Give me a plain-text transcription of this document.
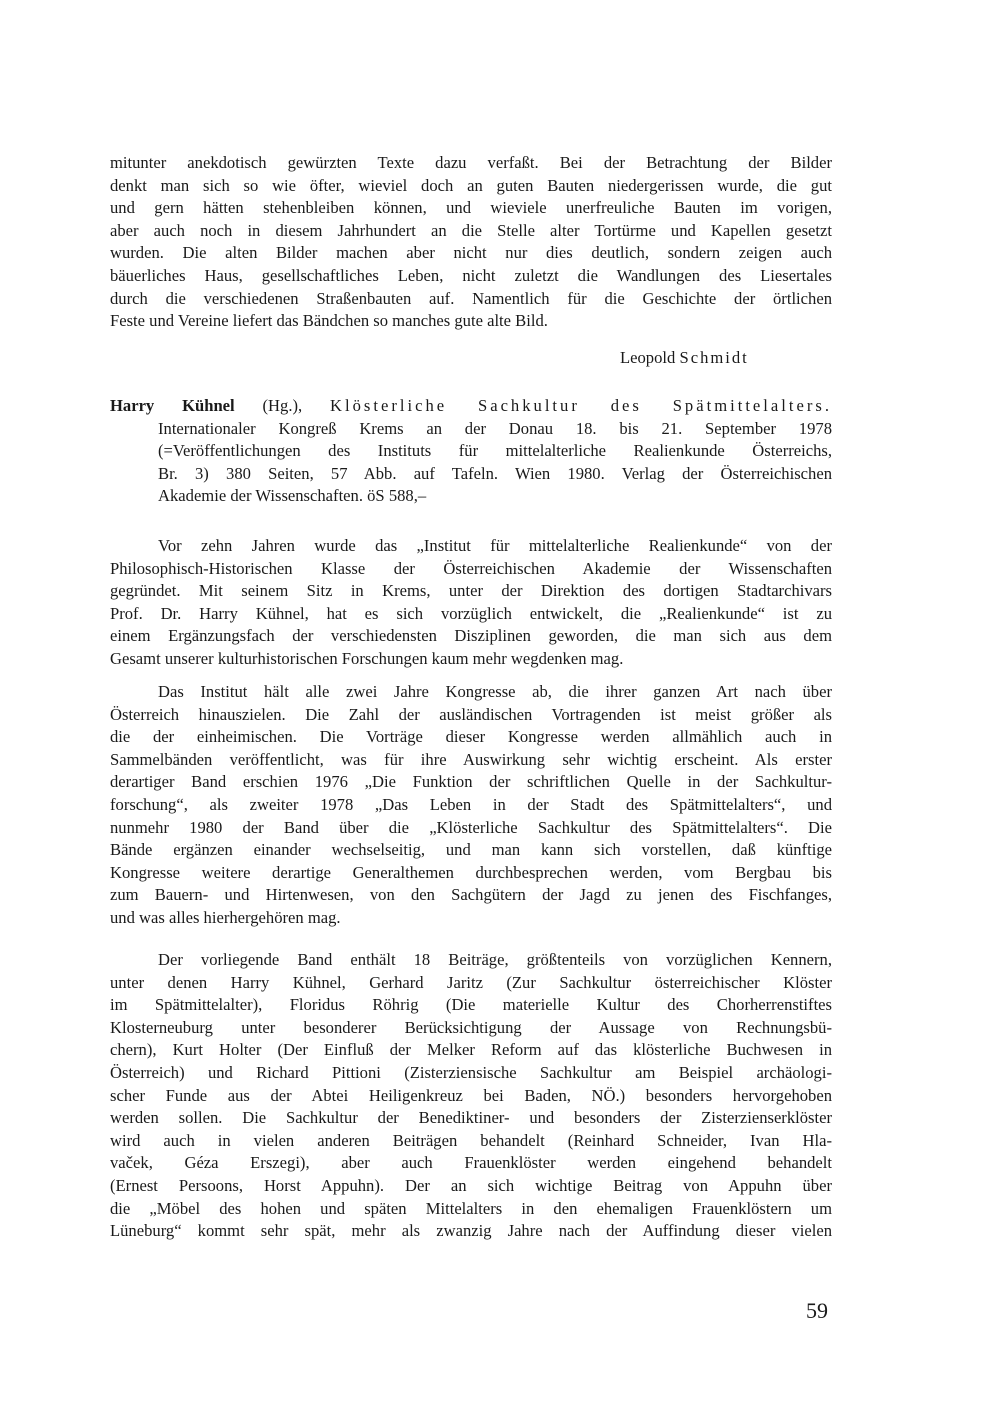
mitunter anekdotisch gewürzten Texte dazu verfaßt. Bei der Betrachtung der Bilder
denkt man sich so wie öfter, wieviel doch an guten Bauten niedergerissen wurde, die gut
und gern hätten stehenbleiben können, und wieviele unerfreuliche Bauten im vorigen,
aber auch noch in diesem Jahrhundert an die Stelle alter Tortürme und Kapellen gesetzt
wurden. Die alten Bilder machen aber nicht nur dies deutlich, sondern zeigen auch
bäuerliches Haus, gesellschaftliches Leben, nicht zuletzt die Wandlungen des Liesertales
durch die verschiedenen Straßenbauten auf. Namentlich für die Geschichte der örtlichen
Feste und Vereine liefert das Bändchen so manches gute alte Bild.
Leopold Schmidt
Harry Kühnel (Hg.), Klösterliche Sachkultur des Spätmittelalters.
Internationaler Kongreß Krems an der Donau 18. bis 21. September 1978
(=Veröffentlichungen des Instituts für mittelalterliche Realienkunde Österreichs,
Br. 3) 380 Seiten, 57 Abb. auf Tafeln. Wien 1980. Verlag der Österreichischen
Akademie der Wissenschaften. öS 588,–
Vor zehn Jahren wurde das „Institut für mittelalterliche Realienkunde“ von der
Philosophisch-Historischen Klasse der Österreichischen Akademie der Wissenschaften
gegründet. Mit seinem Sitz in Krems, unter der Direktion des dortigen Stadtarchivars
Prof. Dr. Harry Kühnel, hat es sich vorzüglich entwickelt, die „Realienkunde“ ist zu
einem Ergänzungsfach der verschiedensten Disziplinen geworden, die man sich aus dem
Gesamt unserer kulturhistorischen Forschungen kaum mehr wegdenken mag.
Das Institut hält alle zwei Jahre Kongresse ab, die ihrer ganzen Art nach über
Österreich hinauszielen. Die Zahl der ausländischen Vortragenden ist meist größer als
die der einheimischen. Die Vorträge dieser Kongresse werden allmählich auch in
Sammelbänden veröffentlicht, was für ihre Auswirkung sehr wichtig erscheint. Als erster
derartiger Band erschien 1976 „Die Funktion der schriftlichen Quelle in der Sachkultur-
forschung“, als zweiter 1978 „Das Leben in der Stadt des Spätmittelalters“, und
nunmehr 1980 der Band über die „Klösterliche Sachkultur des Spätmittelalters“. Die
Bände ergänzen einander wechselseitig, und man kann sich vorstellen, daß künftige
Kongresse weitere derartige Generalthemen durchbesprechen werden, vom Bergbau bis
zum Bauern- und Hirtenwesen, von den Sachgütern der Jagd zu jenen des Fischfanges,
und was alles hierhergehören mag.
Der vorliegende Band enthält 18 Beiträge, größtenteils von vorzüglichen Kennern,
unter denen Harry Kühnel, Gerhard Jaritz (Zur Sachkultur österreichischer Klöster
im Spätmittelalter), Floridus Röhrig (Die materielle Kultur des Chorherrenstiftes
Klosterneuburg unter besonderer Berücksichtigung der Aussage von Rechnungsbü-
chern), Kurt Holter (Der Einfluß der Melker Reform auf das klösterliche Buchwesen in
Österreich) und Richard Pittioni (Zisterziensische Sachkultur am Beispiel archäologi-
scher Funde aus der Abtei Heiligenkreuz bei Baden, NÖ.) besonders hervorgehoben
werden sollen. Die Sachkultur der Benediktiner- und besonders der Zisterzienserklöster
wird auch in vielen anderen Beiträgen behandelt (Reinhard Schneider, Ivan Hla-
vaček, Géza Erszegi), aber auch Frauenklöster werden eingehend behandelt
(Ernest Persoons, Horst Appuhn). Der an sich wichtige Beitrag von Appuhn über
die „Möbel des hohen und späten Mittelalters in den ehemaligen Frauenklöstern um
Lüneburg“ kommt sehr spät, mehr als zwanzig Jahre nach der Auffindung dieser vielen
59
